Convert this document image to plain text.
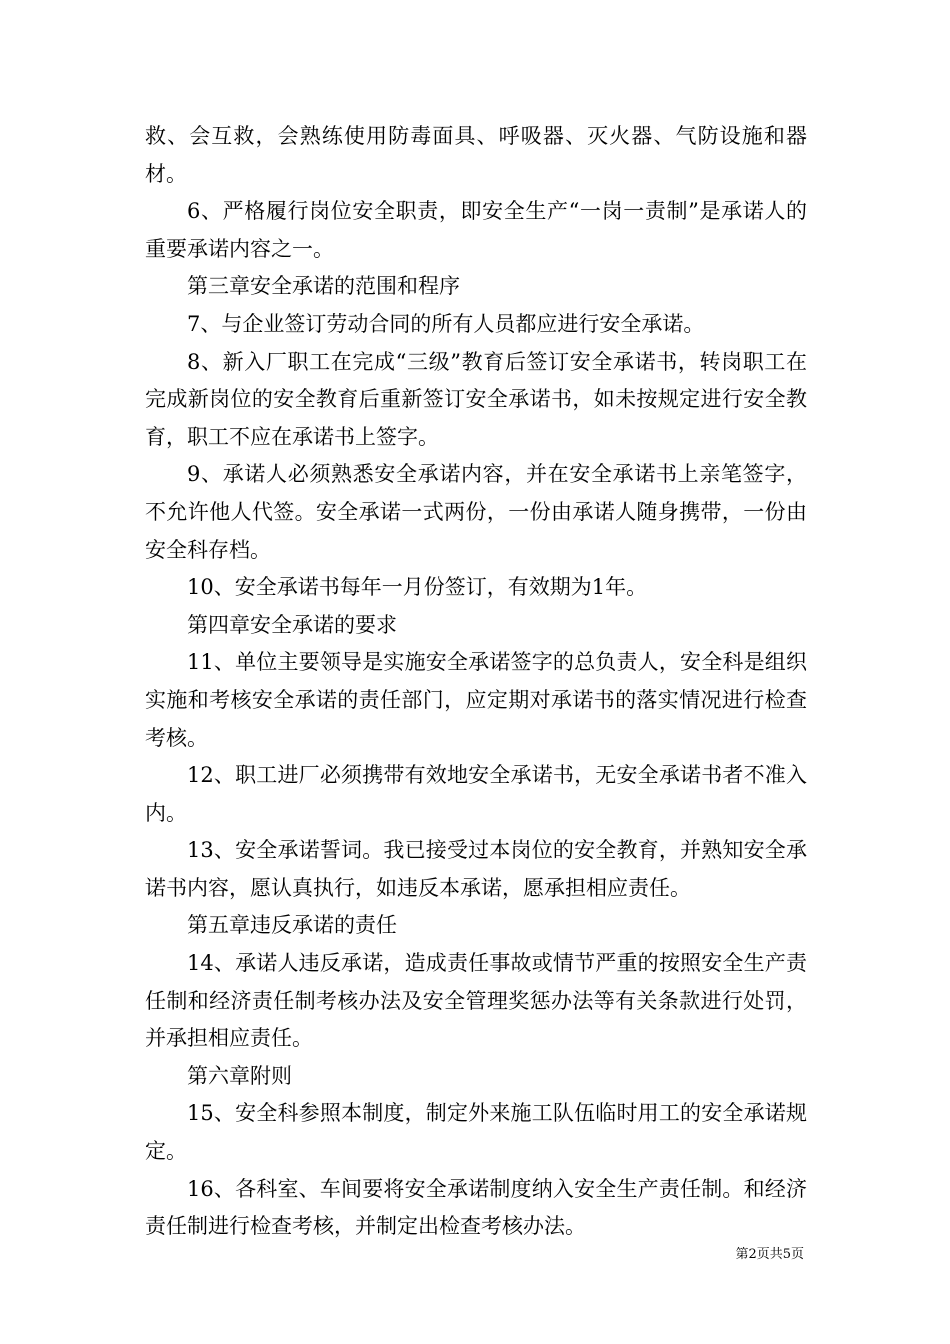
救、会互救，会熟练使用防毒面具、呼吸器、灭火器、气防设施和器材。

6、严格履行岗位安全职责，即安全生产“一岗一责制”是承诺人的重要承诺内容之一。

第三章安全承诺的范围和程序

7、与企业签订劳动合同的所有人员都应进行安全承诺。

8、新入厂职工在完成“三级”教育后签订安全承诺书，转岗职工在完成新岗位的安全教育后重新签订安全承诺书，如未按规定进行安全教育，职工不应在承诺书上签字。

9、承诺人必须熟悉安全承诺内容，并在安全承诺书上亲笔签字，不允许他人代签。安全承诺一式两份，一份由承诺人随身携带，一份由安全科存档。

10、安全承诺书每年一月份签订，有效期为1年。

第四章安全承诺的要求

11、单位主要领导是实施安全承诺签字的总负责人，安全科是组织实施和考核安全承诺的责任部门，应定期对承诺书的落实情况进行检查考核。

12、职工进厂必须携带有效地安全承诺书，无安全承诺书者不准入内。

13、安全承诺誓词。我已接受过本岗位的安全教育，并熟知安全承诺书内容，愿认真执行，如违反本承诺，愿承担相应责任。

第五章违反承诺的责任

14、承诺人违反承诺，造成责任事故或情节严重的按照安全生产责任制和经济责任制考核办法及安全管理奖惩办法等有关条款进行处罚，并承担相应责任。

第六章附则

15、安全科参照本制度，制定外来施工队伍临时用工的安全承诺规定。

16、各科室、车间要将安全承诺制度纳入安全生产责任制。和经济责任制进行检查考核，并制定出检查考核办法。

第2页共5页
